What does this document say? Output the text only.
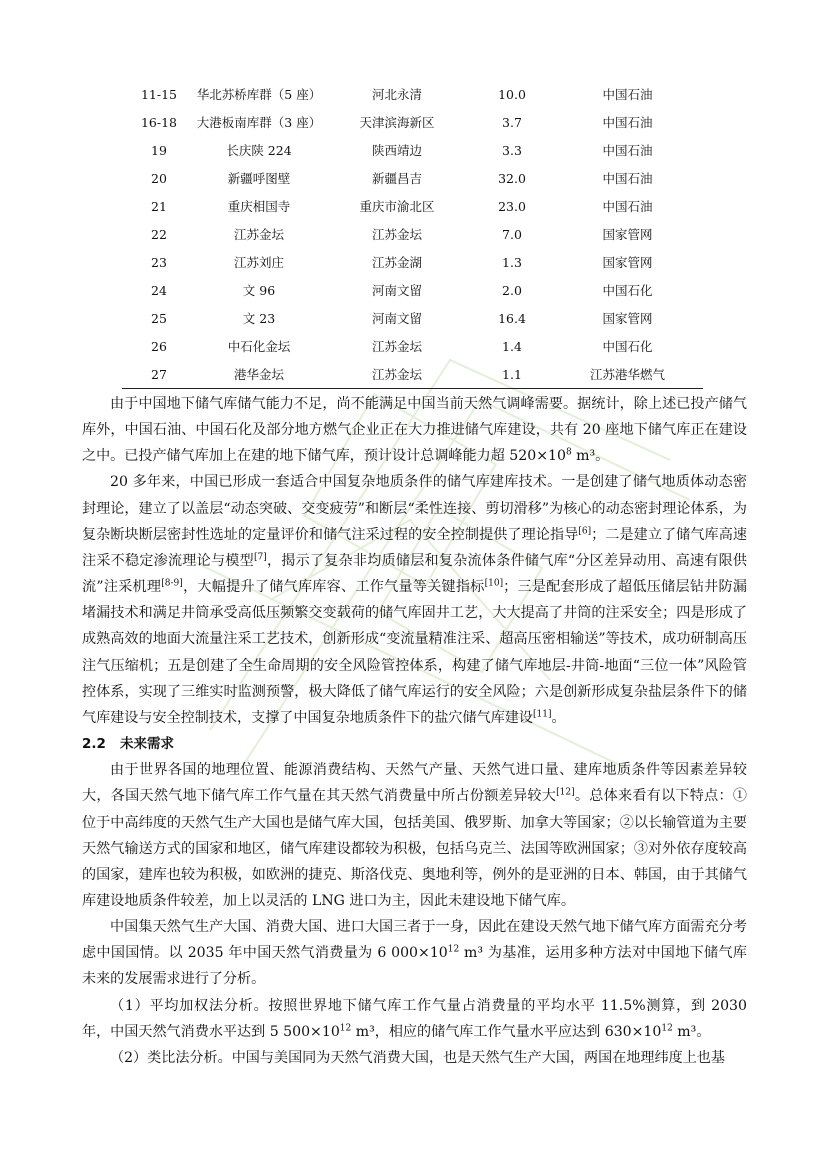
11-15	华北苏桥库群（5 座）	河北永清	10.0	中国石油
16-18	大港板南库群（3 座）	天津滨海新区	3.7	中国石油
19	长庆陕 224	陕西靖边	3.3	中国石油
20	新疆呼图壁	新疆昌吉	32.0	中国石油
21	重庆相国寺	重庆市渝北区	23.0	中国石油
22	江苏金坛	江苏金坛	7.0	国家管网
23	江苏刘庄	江苏金湖	1.3	国家管网
24	文 96	河南文留	2.0	中国石化
25	文 23	河南文留	16.4	国家管网
26	中石化金坛	江苏金坛	1.4	中国石化
27	港华金坛	江苏金坛	1.1	江苏港华燃气

由于中国地下储气库储气能力不足，尚不能满足中国当前天然气调峰需要。据统计，除上述已投产储气库外，中国石油、中国石化及部分地方燃气企业正在大力推进储气库建设，共有 20 座地下储气库正在建设之中。已投产储气库加上在建的地下储气库，预计设计总调峰能力超 $520\times 10^8$ m³。

20 多年来，中国已形成一套适合中国复杂地质条件的储气库建库技术。一是创建了储气地质体动态密封理论，建立了以盖层“动态突破、交变疲劳”和断层“柔性连接、剪切滑移”为核心的动态密封理论体系，为复杂断块断层密封性选址的定量评价和储气注采过程的安全控制提供了理论指导[6]；二是建立了储气库高速注采不稳定渗流理论与模型[7]，揭示了复杂非均质储层和复杂流体条件储气库“分区差异动用、高速有限供流”注采机理[8-9]，大幅提升了储气库库容、工作气量等关键指标[10]；三是配套形成了超低压储层钻井防漏堵漏技术和满足井筒承受高低压频繁交变载荷的储气库固井工艺，大大提高了井筒的注采安全；四是形成了成熟高效的地面大流量注采工艺技术，创新形成“变流量精准注采、超高压密相输送”等技术，成功研制高压注气压缩机；五是创建了全生命周期的安全风险管控体系，构建了储气库地层-井筒-地面“三位一体”风险管控体系，实现了三维实时监测预警，极大降低了储气库运行的安全风险；六是创新形成复杂盐层条件下的储气库建设与安全控制技术，支撑了中国复杂地质条件下的盐穴储气库建设[11]。

2.2 未来需求

由于世界各国的地理位置、能源消费结构、天然气产量、天然气进口量、建库地质条件等因素差异较大，各国天然气地下储气库工作气量在其天然气消费量中所占份额差异较大[12]。总体来看有以下特点：①位于中高纬度的天然气生产大国也是储气库大国，包括美国、俄罗斯、加拿大等国家；②以长输管道为主要天然气输送方式的国家和地区，储气库建设都较为积极，包括乌克兰、法国等欧洲国家；③对外依存度较高的国家，建库也较为积极，如欧洲的捷克、斯洛伐克、奥地利等，例外的是亚洲的日本、韩国，由于其储气库建设地质条件较差，加上以灵活的 LNG 进口为主，因此未建设地下储气库。

中国集天然气生产大国、消费大国、进口大国三者于一身，因此在建设天然气地下储气库方面需充分考虑中国国情。以 2035 年中国天然气消费量为 6 $000\times 10^{12}$ m³ 为基准，运用多种方法对中国地下储气库未来的发展需求进行了分析。

（1）平均加权法分析。按照世界地下储气库工作气量占消费量的平均水平 11.5%测算，到 2030 年，中国天然气消费水平达到 5 $500\times 10^{12}$ m³，相应的储气库工作气量水平应达到 $630\times 10^{12}$ m³。

（2）类比法分析。中国与美国同为天然气消费大国，也是天然气生产大国，两国在地理纬度上也基
